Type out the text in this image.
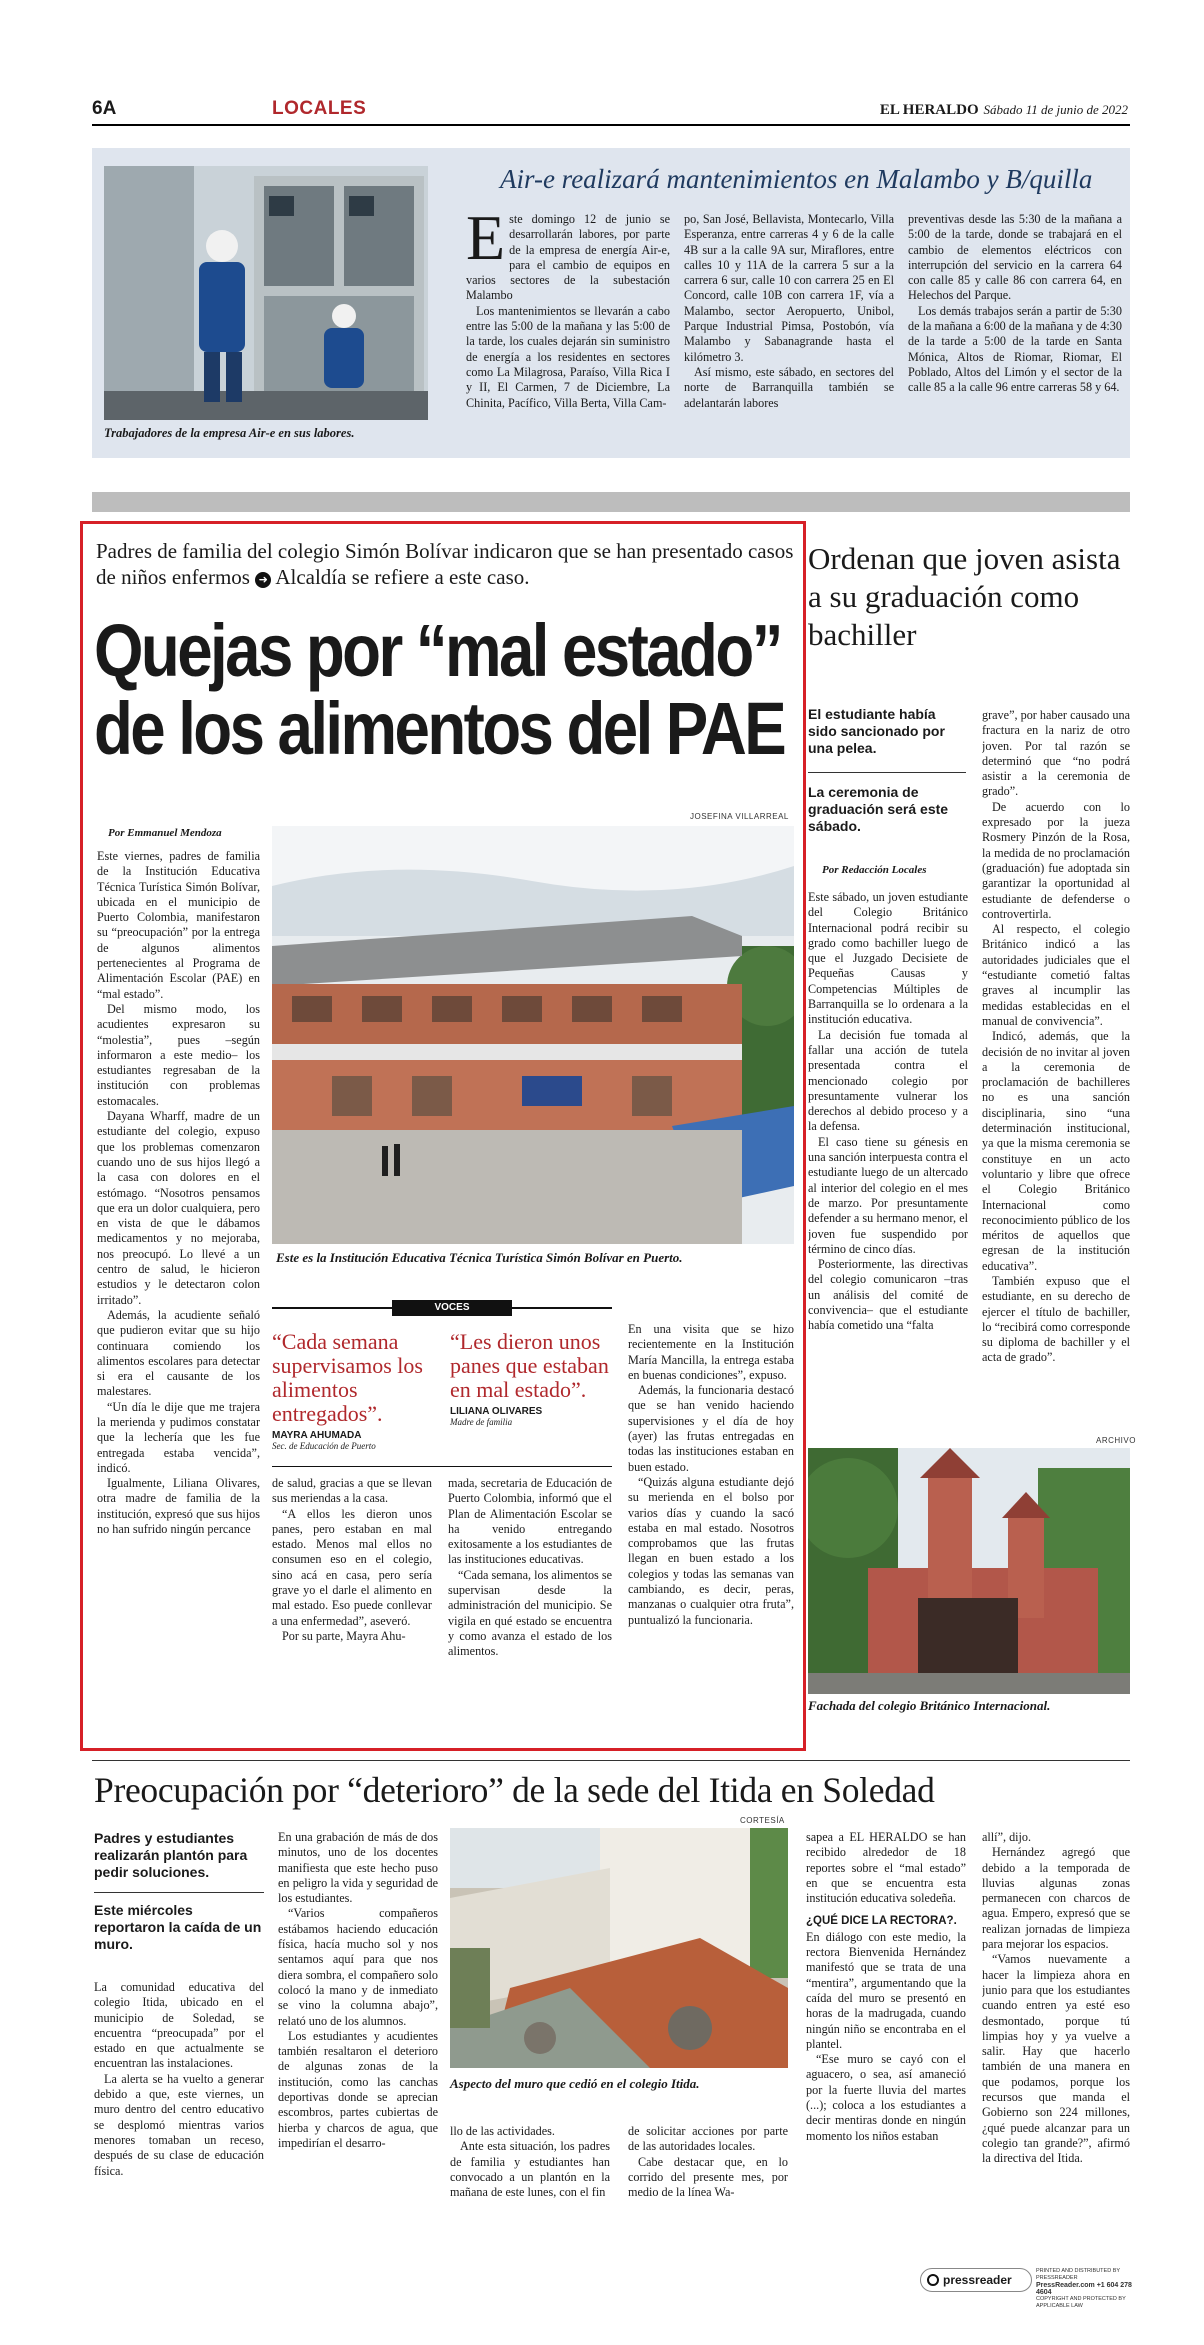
6A	LOCALES	EL HERALDO Sábado 11 de junio de 2022
Trabajadores de la empresa Air-e en sus labores.
Air-e realizará mantenimientos en Malambo y B/quilla

Este domingo 12 de junio se desarrollarán labores, por parte de la empresa de energía Air-e, para el cambio de equipos en varios sectores de la subestación Malambo

Los mantenimientos se llevarán a cabo entre las 5:00 de la mañana y las 5:00 de la tarde, los cuales dejarán sin suministro de energía a los residentes en sectores como La Milagrosa, Paraíso, Villa Rica I y II, El Carmen, 7 de Diciembre, La Chinita, Pacífico, Villa Berta, Villa Cam-

po, San José, Bellavista, Montecarlo, Villa Esperanza, entre carreras 4 y 6 de la calle 4B sur a la calle 9A sur, Miraflores, entre calles 10 y 11A de la carrera 5 sur a la carrera 6 sur, calle 10 con carrera 25 en El Concord, calle 10B con carrera 1F, vía a Malambo, sector Aeropuerto, Unibol, Parque Industrial Pimsa, Postobón, vía Malambo y Sabanagrande hasta el kilómetro 3.

Así mismo, este sábado, en sectores del norte de Barranquilla también se adelantarán labores

preventivas desde las 5:30 de la mañana a 5:00 de la tarde, donde se trabajará en el cambio de elementos eléctricos con interrupción del servicio en la carrera 64 con calle 85 y calle 86 con carrera 64, en Helechos del Parque.

Los demás trabajos serán a partir de 5:30 de la mañana a 6:00 de la mañana y de 4:30 de la tarde a 5:00 de la tarde en Santa Mónica, Altos de Riomar, Riomar, El Poblado, Altos del Limón y el sector de la calle 85 a la calle 96 entre carreras 58 y 64.

Padres de familia del colegio Simón Bolívar indicaron que se han presentado casos de niños enfermos ➜ Alcaldía se refiere a este caso.
Quejas por “mal estado” de los alimentos del PAE
Por Emmanuel Mendoza
JOSEFINA VILLARREAL
Este es la Institución Educativa Técnica Turística Simón Bolívar en Puerto.

Este viernes, padres de familia de la Institución Educativa Técnica Turística Simón Bolívar, ubicada en el municipio de Puerto Colombia, manifestaron su “preocupación” por la entrega de algunos alimentos pertenecientes al Programa de Alimentación Escolar (PAE) en “mal estado”.

Del mismo modo, los acudientes expresaron su “molestia”, pues –según informaron a este medio– los estudiantes regresaban de la institución con problemas estomacales.

Dayana Wharff, madre de un estudiante del colegio, expuso que los problemas comenzaron cuando uno de sus hijos llegó a la casa con dolores en el estómago. “Nosotros pensamos que era un dolor cualquiera, pero en vista de que le dábamos medicamentos y no mejoraba, nos preocupó. Lo llevé a un centro de salud, le hicieron estudios y le detectaron colon irritado”.

Además, la acudiente señaló que pudieron evitar que su hijo continuara comiendo los alimentos escolares para detectar si era el causante de los malestares.

“Un día le dije que me trajera la merienda y pudimos constatar que la lechería que les fue entregada estaba vencida”, indicó.

Igualmente, Liliana Olivares, otra madre de familia de la institución, expresó que sus hijos no han sufrido ningún percance

VOCES
“Cada semana supervisamos los alimentos entregados”.
MAYRA AHUMADA
Sec. de Educación de Puerto
“Les dieron unos panes que estaban en mal estado”.
LILIANA OLIVARES
Madre de familia

de salud, gracias a que se llevan sus meriendas a la casa.

“A ellos les dieron unos panes, pero estaban en mal estado. Menos mal ellos no consumen eso en el colegio, sino acá en casa, pero sería grave yo el darle el alimento en mal estado. Eso puede conllevar a una enfermedad”, aseveró.

Por su parte, Mayra Ahu-

mada, secretaria de Educación de Puerto Colombia, informó que el Plan de Alimentación Escolar se ha venido entregando exitosamente a los estudiantes de las instituciones educativas.

“Cada semana, los alimentos se supervisan desde la administración del municipio. Se vigila en qué estado se encuentra y como avanza el estado de los alimentos.

En una visita que se hizo recientemente en la Institución María Mancilla, la entrega estaba en buenas condiciones”, expuso.

Además, la funcionaria destacó que se han venido haciendo supervisiones y el día de hoy (ayer) las frutas entregadas en todas las instituciones estaban en buen estado.

“Quizás alguna estudiante dejó su merienda en el bolso por varios días y cuando la sacó estaba en mal estado. Nosotros comprobamos que las frutas llegan en buen estado a los colegios y todas las semanas van cambiando, es decir, peras, manzanas o cualquier otra fruta”, puntualizó la funcionaria.

Ordenan que joven asista a su graduación como bachiller
El estudiante había sido sancionado por una pelea.
La ceremonia de graduación será este sábado.
Por Redacción Locales

Este sábado, un joven estudiante del Colegio Británico Internacional podrá recibir su grado como bachiller luego de que el Juzgado Decisiete de Pequeñas Causas y Competencias Múltiples de Barranquilla se lo ordenara a la institución educativa.

La decisión fue tomada al fallar una acción de tutela presentada contra el mencionado colegio por presuntamente vulnerar los derechos al debido proceso y a la defensa.

El caso tiene su génesis en una sanción interpuesta contra el estudiante luego de un altercado al interior del colegio en el mes de marzo. Por presuntamente defender a su hermano menor, el joven fue suspendido por término de cinco días.

Posteriormente, las directivas del colegio comunicaron –tras un análisis del comité de convivencia– que el estudiante había cometido una “falta

grave”, por haber causado una fractura en la nariz de otro joven. Por tal razón se determinó que “no podrá asistir a la ceremonia de grado”.

De acuerdo con lo expresado por la jueza Rosmery Pinzón de la Rosa, la medida de no proclamación (graduación) fue adoptada sin garantizar la oportunidad al estudiante de defenderse o controvertirla.

Al respecto, el colegio Británico indicó a las autoridades judiciales que el “estudiante cometió faltas graves al incumplir las medidas establecidas en el manual de convivencia”.

Indicó, además, que la decisión de no invitar al joven a la ceremonia de proclamación de bachilleres no es una sanción disciplinaria, sino “una determinación institucional, ya que la misma ceremonia se constituye en un acto voluntario y libre que ofrece el Colegio Británico Internacional como reconocimiento público de los méritos de aquellos que egresan de la institución educativa”.

También expuso que el estudiante, en su derecho de ejercer el título de bachiller, lo “recibirá como corresponde su diploma de bachiller y el acta de grado”.

ARCHIVO
Fachada del colegio Británico Internacional.
Preocupación por “deterioro” de la sede del Itida en Soledad
Padres y estudiantes realizarán plantón para pedir soluciones.
Este miércoles reportaron la caída de un muro.

La comunidad educativa del colegio Itida, ubicado en el municipio de Soledad, se encuentra “preocupada” por el estado en que actualmente se encuentran las instalaciones.

La alerta se ha vuelto a generar debido a que, este viernes, un muro dentro del centro educativo se desplomó mientras varios menores tomaban un receso, después de su clase de educación física.

En una grabación de más de dos minutos, uno de los docentes manifiesta que este hecho puso en peligro la vida y seguridad de los estudiantes.

“Varios compañeros estábamos haciendo educación física, hacía mucho sol y nos sentamos aquí para que nos diera sombra, el compañero solo colocó la mano y de inmediato se vino la columna abajo”, relató uno de los alumnos.

Los estudiantes y acudientes también resaltaron el deterioro de algunas zonas de la institución, como las canchas deportivas donde se aprecian escombros, partes cubiertas de hierba y charcos de agua, que impedirían el desarro-

CORTESÍA
Aspecto del muro que cedió en el colegio Itida.

llo de las actividades.

Ante esta situación, los padres de familia y estudiantes han convocado a un plantón en la mañana de este lunes, con el fin

de solicitar acciones por parte de las autoridades locales.

Cabe destacar que, en lo corrido del presente mes, por medio de la línea Wa-

sapea a EL HERALDO se han recibido alrededor de 18 reportes sobre el “mal estado” en que se encuentra esta institución educativa soledeña.

¿QUÉ DICE LA RECTORA?.

En diálogo con este medio, la rectora Bienvenida Hernández manifestó que se trata de una “mentira”, argumentando que la caída del muro se presentó en horas de la madrugada, cuando ningún niño se encontraba en el plantel.

“Ese muro se cayó con el aguacero, o sea, así amaneció por la fuerte lluvia del martes (...); coloca a los estudiantes a decir mentiras donde en ningún momento los niños estaban

allí”, dijo.

Hernández agregó que debido a la temporada de lluvias algunas zonas permanecen con charcos de agua. Empero, expresó que se realizan jornadas de limpieza para mejorar los espacios.

“Vamos nuevamente a hacer la limpieza ahora en junio para que los estudiantes cuando entren ya esté eso desmontado, porque tú limpias hoy y ya vuelve a salir. Hay que hacerlo también de una manera en que podamos, porque los recursos que manda el Gobierno son 224 millones, ¿qué puede alcanzar para un colegio tan grande?”, afirmó la directiva del Itida.

pressreader
PRINTED AND DISTRIBUTED BY PRESSREADER
PressReader.com +1 604 278 4604
COPYRIGHT AND PROTECTED BY APPLICABLE LAW
